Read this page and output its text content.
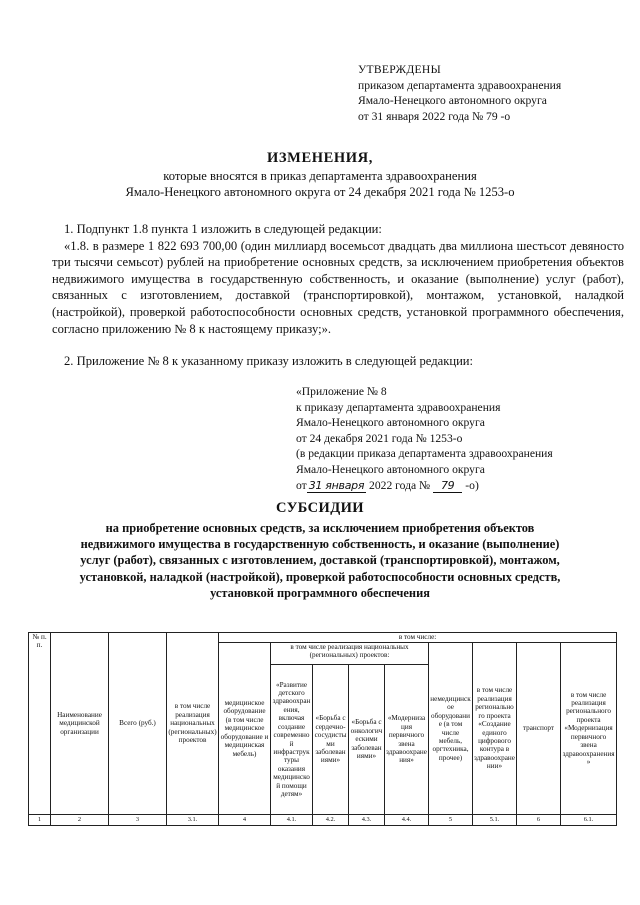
УТВЕРЖДЕНЫ
приказом департамента здравоохранения
Ямало-Ненецкого автономного округа
от 31 января 2022 года № 79 -о
ИЗМЕНЕНИЯ,
которые вносятся в приказ департамента здравоохранения
Ямало-Ненецкого автономного округа от 24 декабря 2021 года № 1253-о
1. Подпункт 1.8 пункта 1 изложить в следующей редакции:
«1.8. в размере 1 822 693 700,00 (один миллиард восемьсот двадцать два миллиона шестьсот девяносто три тысячи семьсот) рублей на приобретение основных средств, за исключением приобретения объектов недвижимого имущества в государственную собственность, и оказание (выполнение) услуг (работ), связанных с изготовлением, доставкой (транспортировкой), монтажом, установкой, наладкой (настройкой), проверкой работоспособности основных средств, установкой программного обеспечения, согласно приложению № 8 к настоящему приказу;».
2. Приложение № 8 к указанному приказу изложить в следующей редакции:
«Приложение № 8
к приказу департамента здравоохранения
Ямало-Ненецкого автономного округа
от 24 декабря 2021 года № 1253-о
(в редакции приказа департамента здравоохранения
Ямало-Ненецкого автономного округа
от 31 января 2022 года № 79 -о)
СУБСИДИИ
на приобретение основных средств, за исключением приобретения объектов
недвижимого имущества в государственную собственность, и оказание (выполнение)
услуг (работ), связанных с изготовлением, доставкой (транспортировкой), монтажом,
установкой, наладкой (настройкой), проверкой работоспособности основных средств,
установкой программного обеспечения
№ п. п.	Наименование медицинской организации	Всего (руб.)	в том числе реализация национальных (региональных) проектов	в том числе:								
				медицинское оборудование (в том числе медицинское оборудование и медицинская мебель)	в том числе реализация национальных (региональных) проектов:				немедицинское оборудование (в том числе мебель, оргтехника, прочее)	в том числе реализация регионального проекта «Создание единого цифрового контура в здравоохранении»	транспорт	в том числе реализация регионального проекта «Модернизация первичного звена здравоохранения»
					«Развитие детского здравоохранения, включая создание современной инфраструктуры оказания медицинской помощи детям»	«Борьба с сердечно-сосудистыми заболеваниями»	«Борьба с онкологическими заболеваниями»	«Модернизация первичного звена здравоохранения»				
1	2	3	3.1.	4	4.1.	4.2.	4.3.	4.4.	5	5.1.	6	6.1.
